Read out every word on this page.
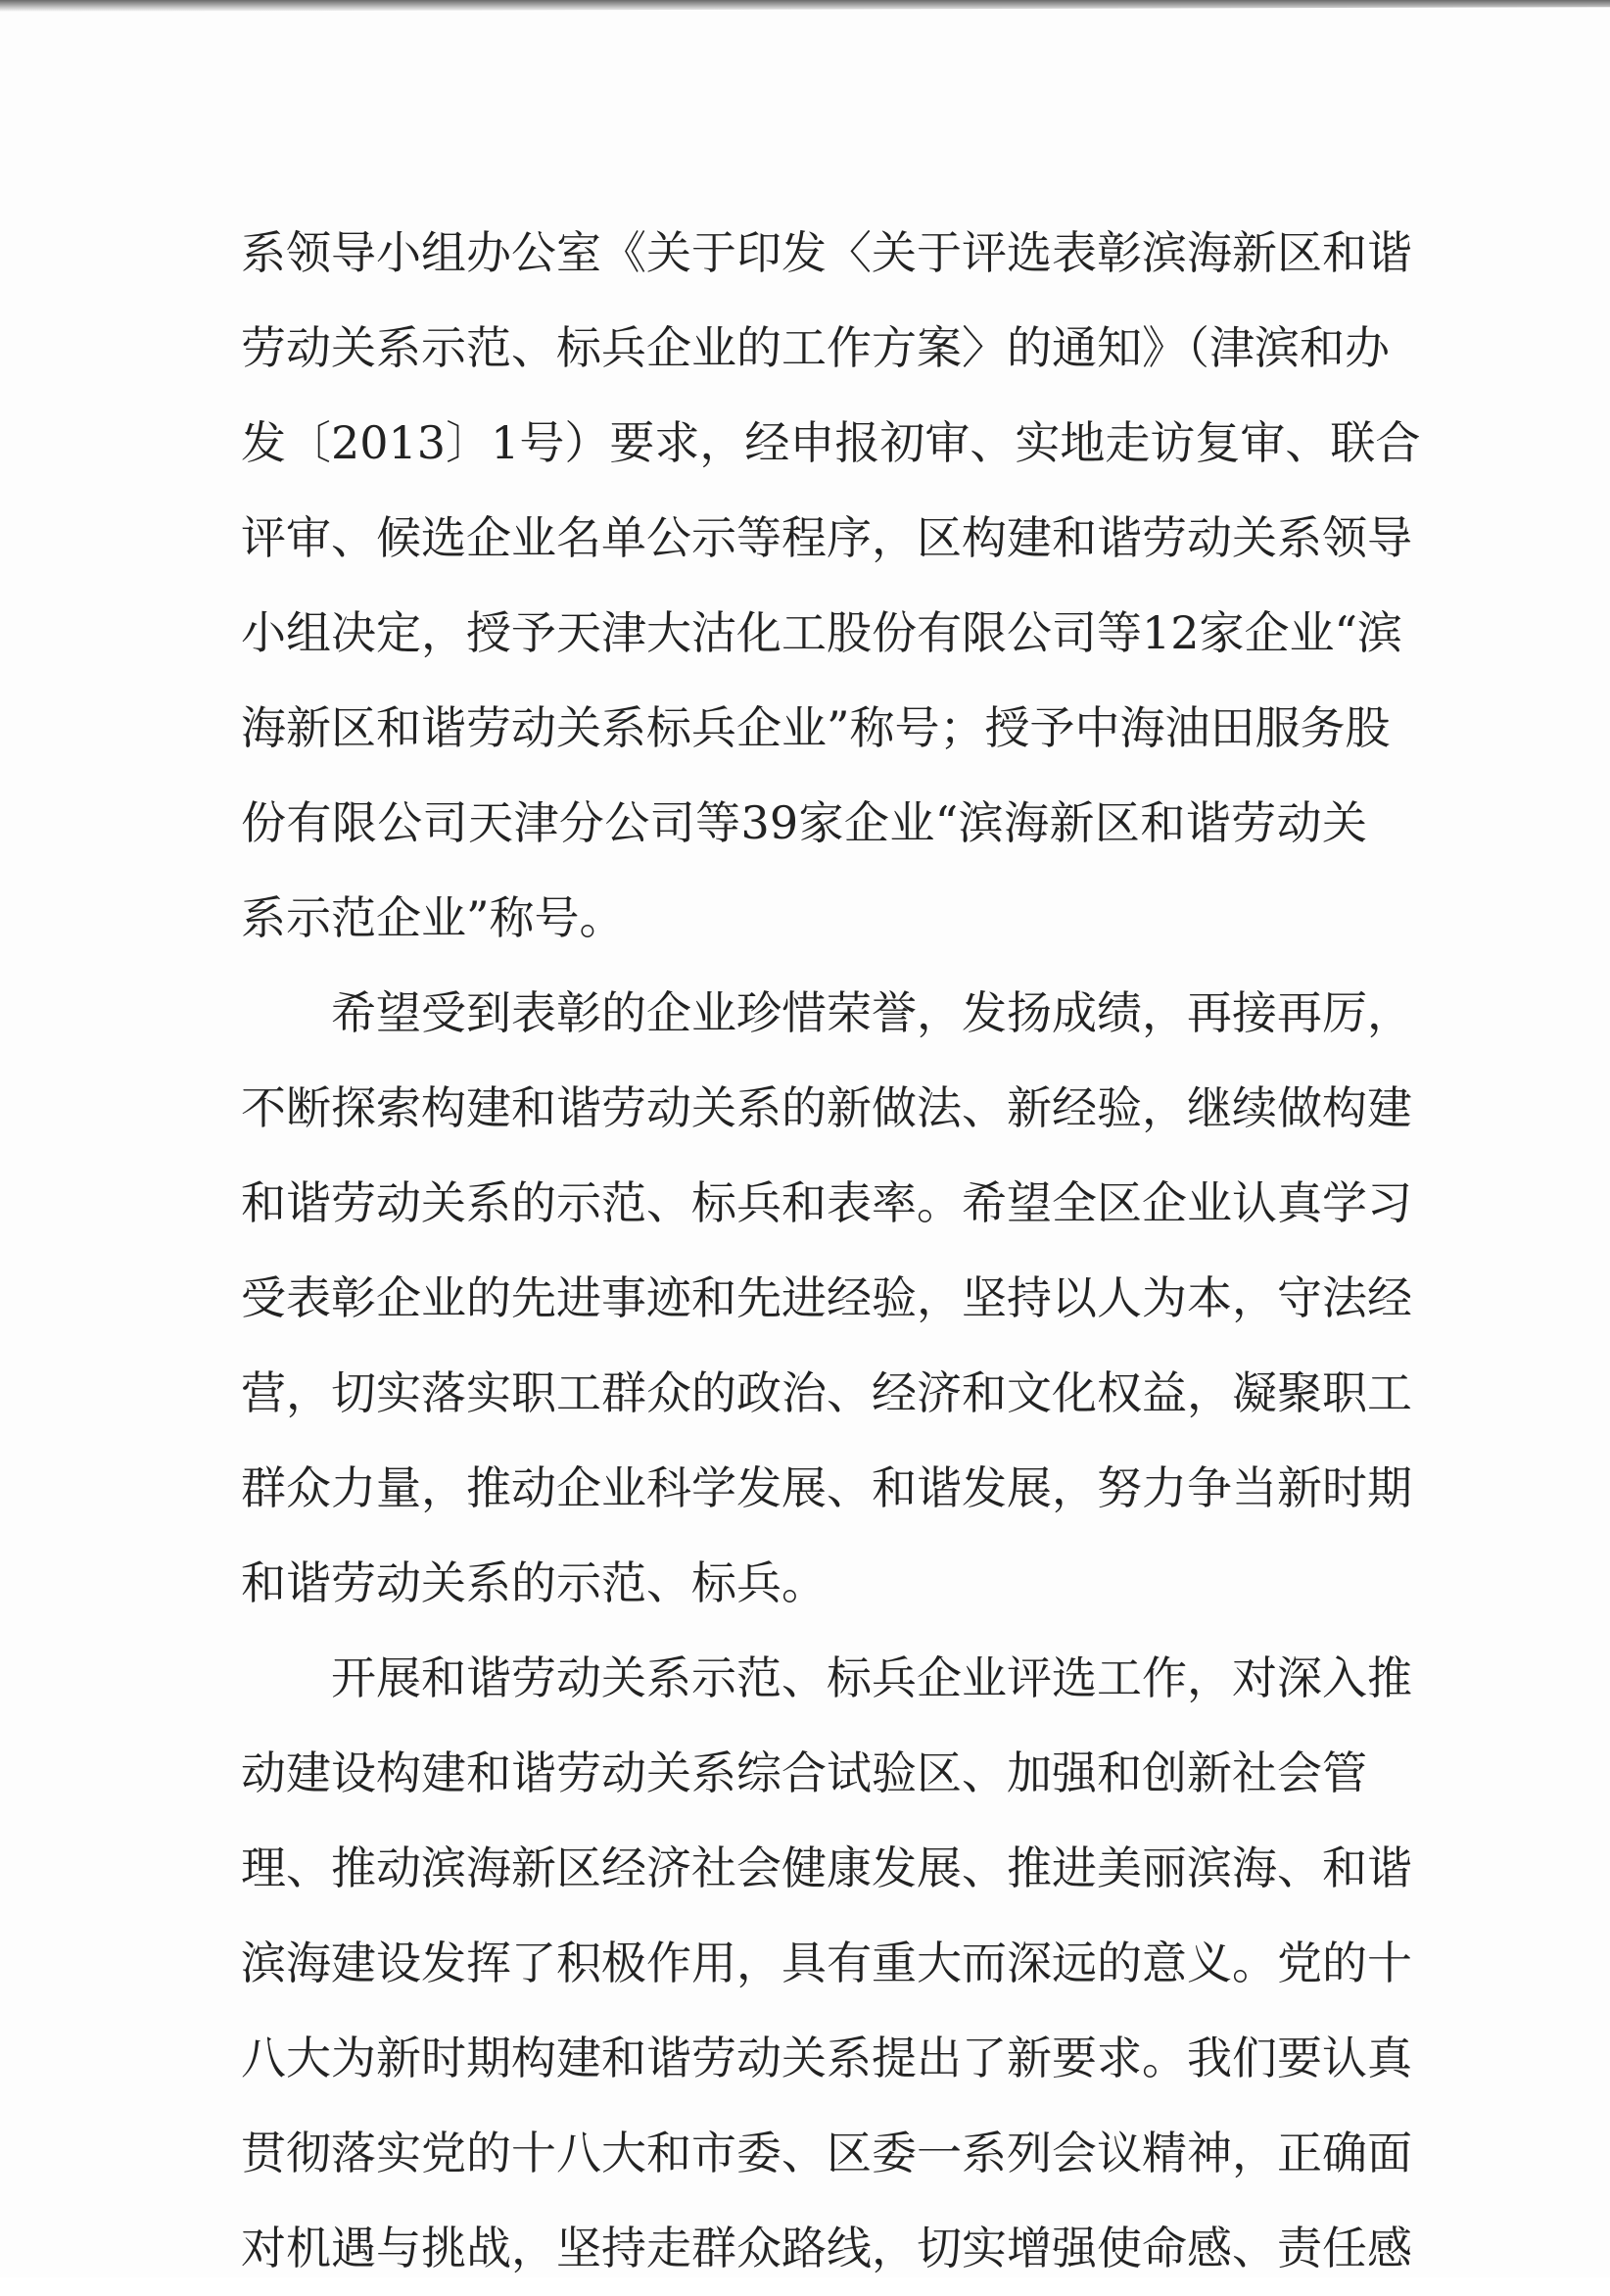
系领导小组办公室《关于印发〈关于评选表彰滨海新区和谐
劳动关系示范、标兵企业的工作方案〉的通知》（津滨和办
发〔2013〕1号）要求，经申报初审、实地走访复审、联合
评审、候选企业名单公示等程序，区构建和谐劳动关系领导
小组决定，授予天津大沽化工股份有限公司等12家企业“滨
海新区和谐劳动关系标兵企业”称号；授予中海油田服务股
份有限公司天津分公司等39家企业“滨海新区和谐劳动关
系示范企业”称号。
希望受到表彰的企业珍惜荣誉，发扬成绩，再接再厉，
不断探索构建和谐劳动关系的新做法、新经验，继续做构建
和谐劳动关系的示范、标兵和表率。希望全区企业认真学习
受表彰企业的先进事迹和先进经验，坚持以人为本，守法经
营，切实落实职工群众的政治、经济和文化权益，凝聚职工
群众力量，推动企业科学发展、和谐发展，努力争当新时期
和谐劳动关系的示范、标兵。
开展和谐劳动关系示范、标兵企业评选工作，对深入推
动建设构建和谐劳动关系综合试验区、加强和创新社会管
理、推动滨海新区经济社会健康发展、推进美丽滨海、和谐
滨海建设发挥了积极作用，具有重大而深远的意义。党的十
八大为新时期构建和谐劳动关系提出了新要求。我们要认真
贯彻落实党的十八大和市委、区委一系列会议精神，正确面
对机遇与挑战，坚持走群众路线，切实增强使命感、责任感
